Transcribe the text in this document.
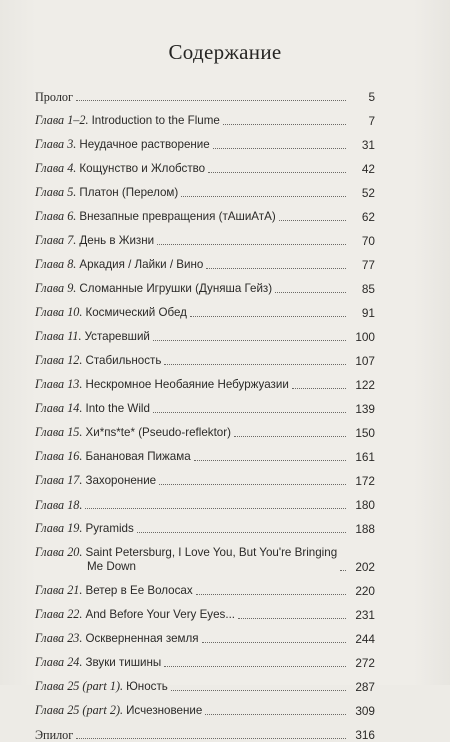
Содержание
Пролог	5
Глава 1–2. Introduction to the Flume	7
Глава 3. Неудачное растворение	31
Глава 4. Кощунство и Жлобство	42
Глава 5. Платон (Перелом)	52
Глава 6. Внезапные превращения (тАшиАтА)	62
Глава 7. День в Жизни	70
Глава 8. Аркадия / Лайки / Вино	77
Глава 9. Сломанные Игрушки (Дуняша Гейз)	85
Глава 10. Космический Обед	91
Глава 11. Устаревший	100
Глава 12. Стабильность	107
Глава 13. Нескромное Необаяние Небуржуазии	122
Глава 14. Into the Wild	139
Глава 15. Хи*пs*te* (Pseudo-reflektor)	150
Глава 16. Банановая Пижама	161
Глава 17. Захоронение	172
Глава 18.	180
Глава 19. Pyramids	188
Глава 20. Saint Petersburg, I Love You, But You're Bringing
Me Down	202
Глава 21. Ветер в Ее Волосах	220
Глава 22. And Before Your Very Eyes...	231
Глава 23. Оскверненная земля	244
Глава 24. Звуки тишины	272
Глава 25 (part 1). Юность	287
Глава 25 (part 2). Исчезновение	309
Эпилог	316
